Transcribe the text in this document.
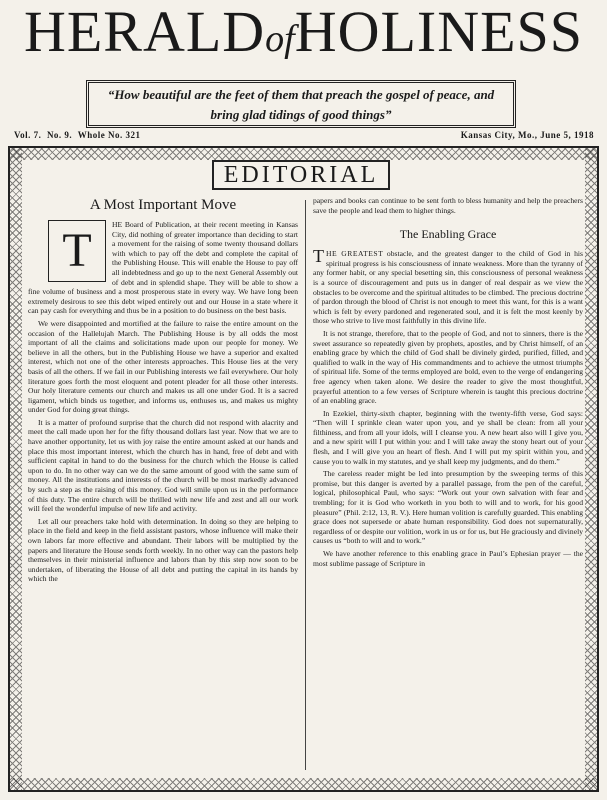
HERALDofHOLINESS
“How beautiful are the feet of them that preach the gospel of peace, and
bring glad tidings of good things”
Vol. 7. No. 9. Whole No. 321	Kansas City, Mo., June 5, 1918
EDITORIAL
A Most Important Move
T	HE Board of Publication, at their recent meeting in Kansas City, did nothing of greater importance than deciding to start a movement for the raising of some twenty thousand dollars with which to pay off the debt and complete the capital of the Publishing House. This will enable the House to pay off all indebtedness and go up to the next General Assembly out of debt and in splendid shape. They will be able to show a fine volume of business and a most prosperous state in every way. We have long been extremely desirous to see this debt wiped entirely out and our House in a state where it can pay cash for everything and thus be in a position to do business on the best basis.

We were disappointed and mortified at the failure to raise the entire amount on the occasion of the Hallelujah March. The Publishing House is by all odds the most important of all the claims and solicitations made upon our people for money. We believe in all the others, but in the Publishing House we have a superior and exalted interest, which not one of the other interests approaches. This House lies at the very basis of all the others. If we fail in our Publishing interests we fail everywhere. Our holy literature goes forth the most eloquent and potent pleader for all those other interests. Our holy literature cements our church and makes us all one under God. It is a sacred ligament, which binds us together, and informs us, enthuses us, and makes us mighty under God for doing great things.

It is a matter of profound surprise that the church did not respond with alacrity and meet the call made upon her for the fifty thousand dollars last year. Now that we are to have another opportunity, let us with joy raise the entire amount asked at our hands and place this most important interest, which the church has in hand, free of debt and with sufficient capital in hand to do the business for the church which the House is called upon to do. In no other way can we do the same amount of good with the same sum of money. All the institutions and interests of the church will be most markedly advanced by such a step as the raising of this money. God will smile upon us in the performance of this duty. The entire church will be thrilled with new life and zest and all our work will feel the wonderful impulse of new life and activity.

Let all our preachers take hold with determination. In doing so they are helping to place in the field and keep in the field assistant pastors, whose influence will make their own labors far more effective and abundant. Their labors will be multiplied by the papers and literature the House sends forth weekly. In no other way can the pastors help themselves in their ministerial influence and labors than by this step now soon to be undertaken, of liberating the House of all debt and putting the capital in its hands by which the

papers and books can continue to be sent forth to bless humanity and help the preachers save the people and lead them to higher things.

The Enabling Grace

THE GREATEST obstacle, and the greatest danger to the child of God in his spiritual progress is his consciousness of innate weakness. More than the tyranny of any former habit, or any special besetting sin, this consciousness of personal weakness is a source of discouragement and puts us in danger of real despair as we view the obstacles to be overcome and the spiritual altitudes to be climbed. The precious doctrine of pardon through the blood of Christ is not enough to meet this want, for this is a want which is felt by every pardoned and regenerated soul, and it is felt the most keenly by those who strive to live most faithfully in this divine life.

It is not strange, therefore, that to the people of God, and not to sinners, there is the sweet assurance so repeatedly given by prophets, apostles, and by Christ himself, of an enabling grace by which the child of God shall be divinely girded, purified, filled, and qualified to walk in the way of His commandments and to achieve the utmost triumphs of spiritual life. Some of the terms employed are bold, even to the verge of endangering free agency when taken alone. We desire the reader to give the most thoughtful, prayerful attention to a few verses of Scripture wherein is taught this precious doctrine of an enabling grace.

In Ezekiel, thirty-sixth chapter, beginning with the twenty-fifth verse, God says: “Then will I sprinkle clean water upon you, and ye shall be clean: from all your filthiness, and from all your idols, will I cleanse you. A new heart also will I give you, and a new spirit will I put within you: and I will take away the stony heart out of your flesh, and I will give you an heart of flesh. And I will put my spirit within you, and cause you to walk in my statutes, and ye shall keep my judgments, and do them.”

The careless reader might be led into presumption by the sweeping terms of this promise, but this danger is averted by a parallel passage, from the pen of the careful, logical, philosophical Paul, who says: “Work out your own salvation with fear and trembling; for it is God who worketh in you both to will and to work, for his good pleasure” (Phil. 2:12, 13, R. V.). Here human volition is carefully guarded. This enabling grace does not supersede or abate human responsibility. God does not supernaturally, regardless of or despite our volition, work in us or for us, but He graciously and divinely causes us “both to will and to work.”

We have another reference to this enabling grace in Paul’s Ephesian prayer — the most sublime passage of Scripture in
